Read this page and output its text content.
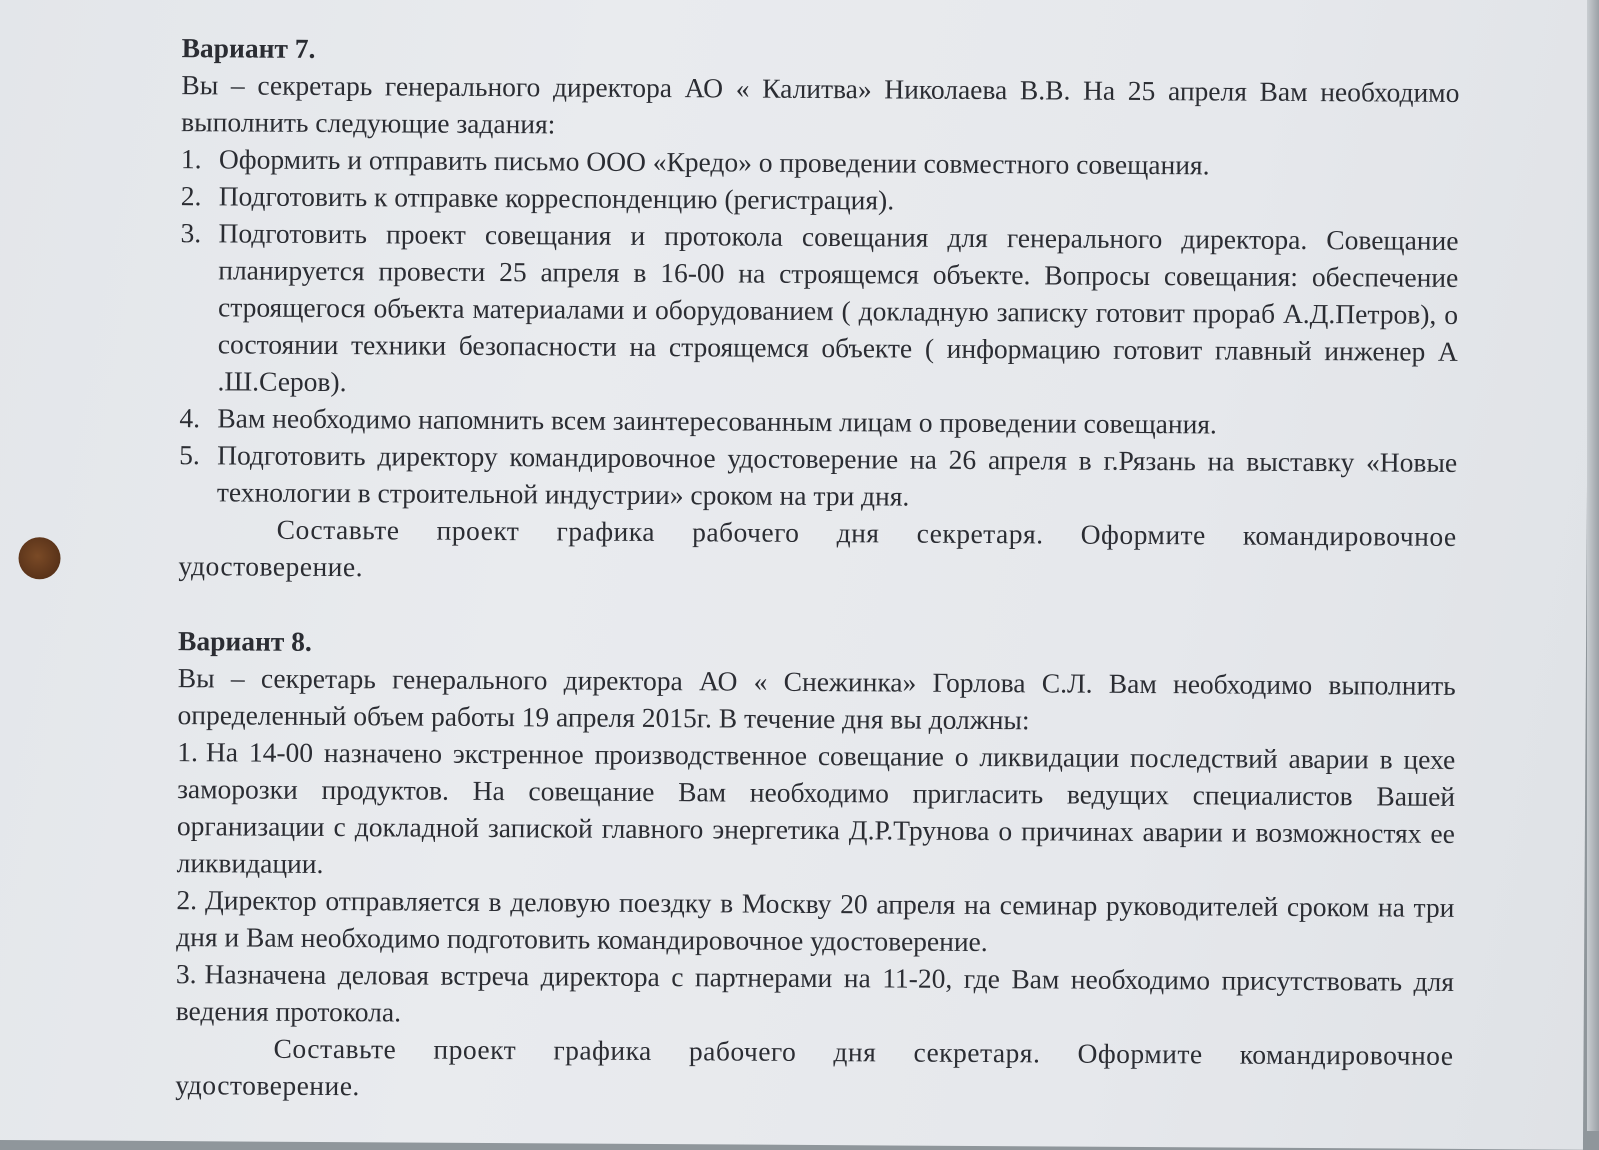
Вариант 7.

Вы – секретарь генерального директора АО « Калитва» Николаева В.В. На 25 апреля Вам необходимо выполнить следующие задания:

1. Оформить и отправить письмо ООО «Кредо» о проведении совместного совещания.
2. Подготовить к отправке корреспонденцию (регистрация).
3. Подготовить проект совещания и протокола совещания для генерального директора. Совещание планируется провести 25 апреля в 16-00 на строящемся объекте. Вопросы совещания: обеспечение строящегося объекта материалами и оборудованием ( докладную записку готовит прораб А.Д.Петров), о состоянии техники безопасности на строящемся объекте ( информацию готовит главный инженер А .Ш.Серов).
4. Вам необходимо напомнить всем заинтересованным лицам о проведении совещания.
5. Подготовить директору командировочное удостоверение на 26 апреля в г.Рязань на выставку «Новые технологии в строительной индустрии» сроком на три дня.

Составьте проект графика рабочего дня секретаря. Оформите командировочное удостоверение.

Вариант 8.

Вы – секретарь генерального директора АО « Снежинка» Горлова С.Л. Вам необходимо выполнить определенный объем работы 19 апреля 2015г. В течение дня вы должны:

1. На 14-00 назначено экстренное производственное совещание о ликвидации последствий аварии в цехе заморозки продуктов. На совещание Вам необходимо пригласить ведущих специалистов Вашей организации с докладной запиской главного энергетика Д.Р.Трунова о причинах аварии и возможностях ее ликвидации.
2. Директор отправляется в деловую поездку в Москву 20 апреля на семинар руководителей сроком на три дня и Вам необходимо подготовить командировочное удостоверение.
3. Назначена деловая встреча директора с партнерами на 11-20, где Вам необходимо присутствовать для ведения протокола.

Составьте проект графика рабочего дня секретаря. Оформите командировочное удостоверение.
